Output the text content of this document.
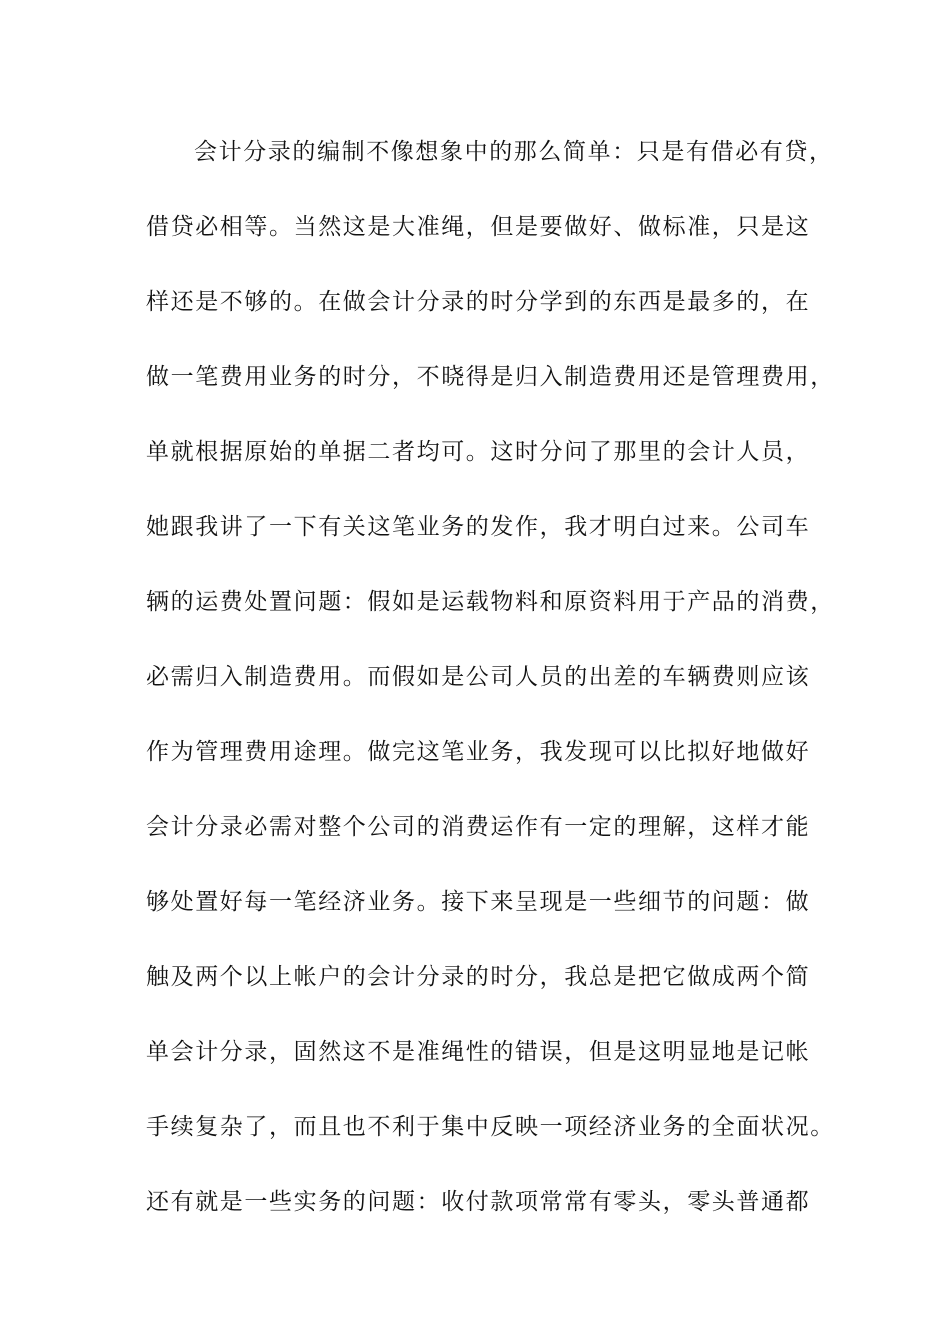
会计分录的编制不像想象中的那么简单：只是有借必有贷，
借贷必相等。当然这是大准绳，但是要做好、做标准，只是这
样还是不够的。在做会计分录的时分学到的东西是最多的，在
做一笔费用业务的时分，不晓得是归入制造费用还是管理费用，
单就根据原始的单据二者均可。这时分问了那里的会计人员，
她跟我讲了一下有关这笔业务的发作，我才明白过来。公司车
辆的运费处置问题：假如是运载物料和原资料用于产品的消费，
必需归入制造费用。而假如是公司人员的出差的车辆费则应该
作为管理费用途理。做完这笔业务，我发现可以比拟好地做好
会计分录必需对整个公司的消费运作有一定的理解，这样才能
够处置好每一笔经济业务。接下来呈现是一些细节的问题：做
触及两个以上帐户的会计分录的时分，我总是把它做成两个简
单会计分录，固然这不是准绳性的错误，但是这明显地是记帐
手续复杂了，而且也不利于集中反映一项经济业务的全面状况。
还有就是一些实务的问题：收付款项常常有零头，零头普通都
